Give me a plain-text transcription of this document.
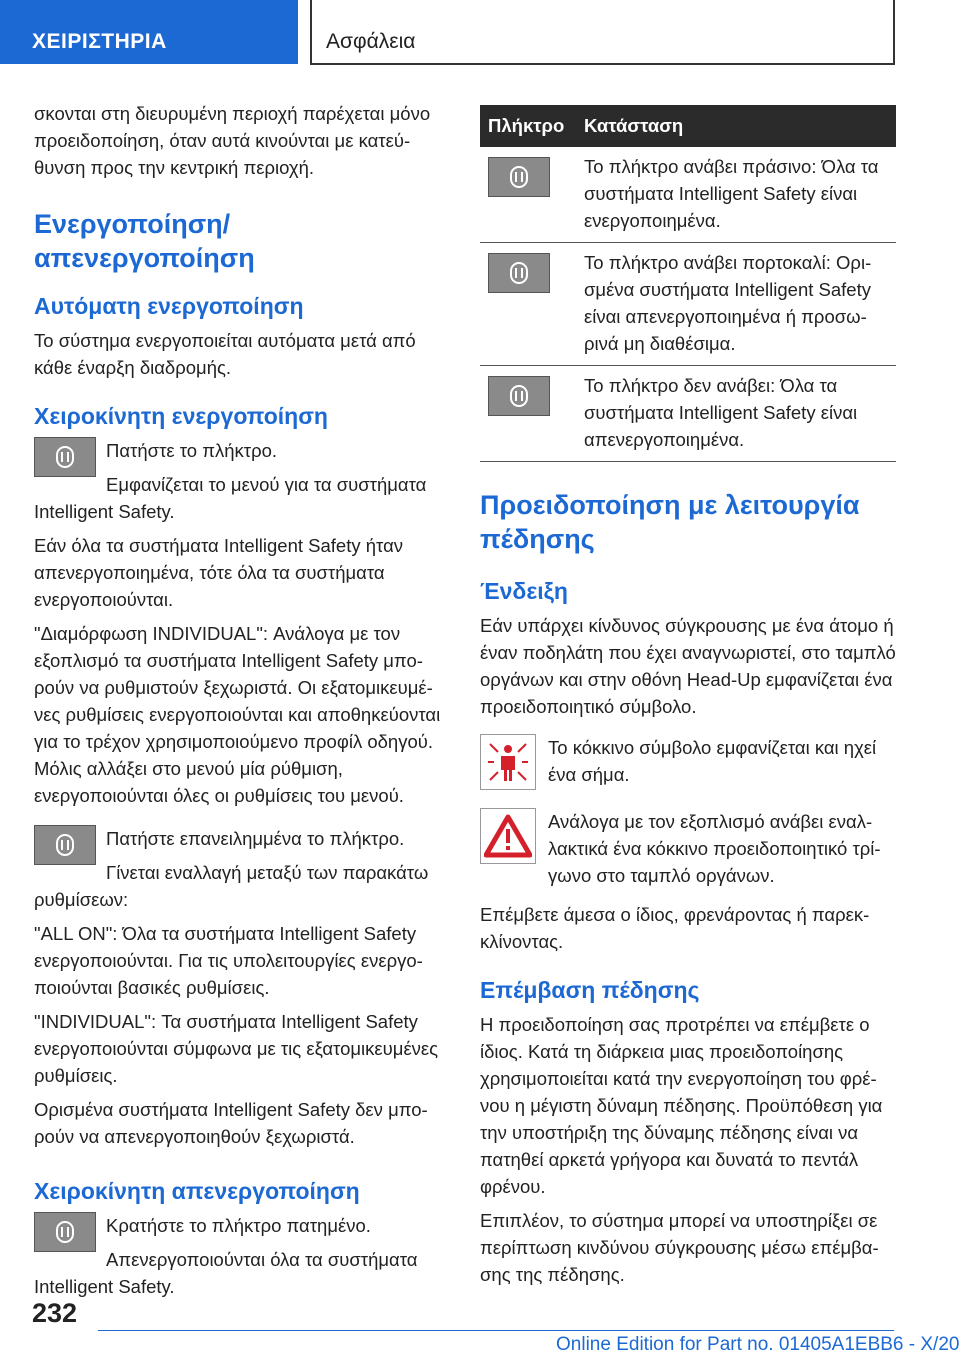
ΧΕΙΡΙΣΤΗΡΙΑ	Ασφάλεια

σκονται στη διευρυμένη περιοχή παρέχεται μόνο προειδοποίηση, όταν αυτά κινούνται με κατεύθυνση προς την κεντρική περιοχή.

Ενεργοποίηση/απενεργοποίηση
Αυτόματη ενεργοποίηση

Το σύστημα ενεργοποιείται αυτόματα μετά από κάθε έναρξη διαδρομής.

Χειροκίνητη ενεργοποίηση

Πατήστε το πλήκτρο.

Εμφανίζεται το μενού για τα συστήματα Intelligent Safety.

Εάν όλα τα συστήματα Intelligent Safety ήταν απενεργοποιημένα, τότε όλα τα συστήματα ενεργοποιούνται.

"Διαμόρφωση INDIVIDUAL": Ανάλογα με τον εξοπλισμό τα συστήματα Intelligent Safety μπορούν να ρυθμιστούν ξεχωριστά. Οι εξατομικευμένες ρυθμίσεις ενεργοποιούνται και αποθηκεύονται για το τρέχον χρησιμοποιούμενο προφίλ οδηγού. Μόλις αλλάξει στο μενού μία ρύθμιση, ενεργοποιούνται όλες οι ρυθμίσεις του μενού.

Πατήστε επανειλημμένα το πλήκτρο.

Γίνεται εναλλαγή μεταξύ των παρακάτω ρυθμίσεων:

"ALL ON": Όλα τα συστήματα Intelligent Safety ενεργοποιούνται. Για τις υπολειτουργίες ενεργοποιούνται βασικές ρυθμίσεις.

"INDIVIDUAL": Τα συστήματα Intelligent Safety ενεργοποιούνται σύμφωνα με τις εξατομικευμένες ρυθμίσεις.

Ορισμένα συστήματα Intelligent Safety δεν μπορούν να απενεργοποιηθούν ξεχωριστά.

Χειροκίνητη απενεργοποίηση

Κρατήστε το πλήκτρο πατημένο.

Απενεργοποιούνται όλα τα συστήματα Intelligent Safety.

Πλήκτρο	Κατάσταση

	Το πλήκτρο ανάβει πράσινο: Όλα τα συστήματα Intelligent Safety είναι ενεργοποιημένα.

	Το πλήκτρο ανάβει πορτοκαλί: Ορισμένα συστήματα Intelligent Safety είναι απενεργοποιημένα ή προσωρινά μη διαθέσιμα.

	Το πλήκτρο δεν ανάβει: Όλα τα συστήματα Intelligent Safety είναι απενεργοποιημένα.
Προειδοποίηση με λειτουργία πέδησης
Ένδειξη

Εάν υπάρχει κίνδυνος σύγκρουσης με ένα άτομο ή έναν ποδηλάτη που έχει αναγνωριστεί, στο ταμπλό οργάνων και στην οθόνη Head-Up εμφανίζεται ένα προειδοποιητικό σύμβολο.

Το κόκκινο σύμβολο εμφανίζεται και ηχεί ένα σήμα.

Ανάλογα με τον εξοπλισμό ανάβει εναλλακτικά ένα κόκκινο προειδοποιητικό τρίγωνο στο ταμπλό οργάνων.

Επέμβετε άμεσα ο ίδιος, φρενάροντας ή παρεκκλίνοντας.

Επέμβαση πέδησης

Η προειδοποίηση σας προτρέπει να επέμβετε ο ίδιος. Κατά τη διάρκεια μιας προειδοποίησης χρησιμοποιείται κατά την ενεργοποίηση του φρένου η μέγιστη δύναμη πέδησης. Προϋπόθεση για την υποστήριξη της δύναμης πέδησης είναι να πατηθεί αρκετά γρήγορα και δυνατά το πεντάλ φρένου.

Επιπλέον, το σύστημα μπορεί να υποστηρίξει σε περίπτωση κινδύνου σύγκρουσης μέσω επέμβασης της πέδησης.

232
Online Edition for Part no. 01405A1EBB6 - X/20
